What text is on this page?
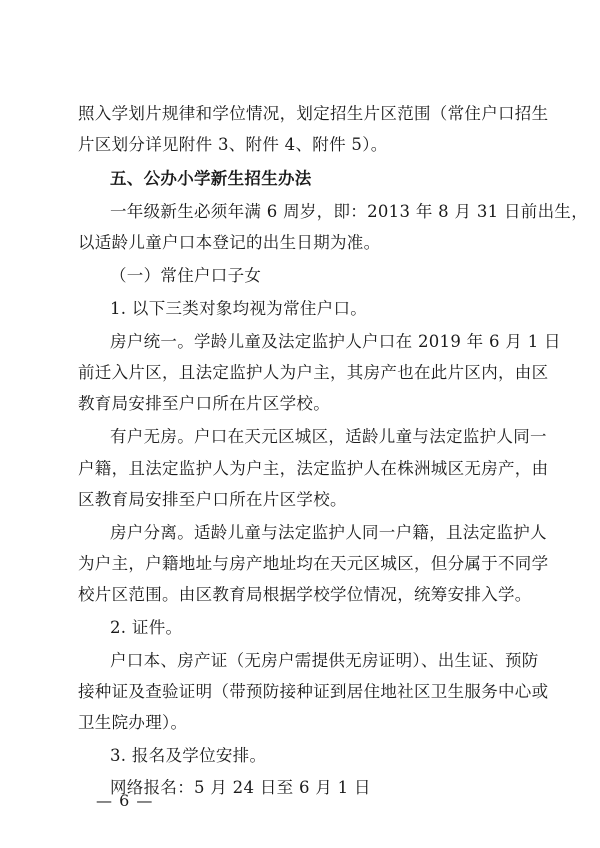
照入学划片规律和学位情况，划定招生片区范围（常住户口招生
片区划分详见附件 3、附件 4、附件 5）。
五、公办小学新生招生办法
一年级新生必须年满 6 周岁，即：2013 年 8 月 31 日前出生，
以适龄儿童户口本登记的出生日期为准。
（一）常住户口子女
1. 以下三类对象均视为常住户口。
房户统一。学龄儿童及法定监护人户口在 2019 年 6 月 1 日
前迁入片区，且法定监护人为户主，其房产也在此片区内，由区
教育局安排至户口所在片区学校。
有户无房。户口在天元区城区，适龄儿童与法定监护人同一
户籍，且法定监护人为户主，法定监护人在株洲城区无房产，由
区教育局安排至户口所在片区学校。
房户分离。适龄儿童与法定监护人同一户籍，且法定监护人
为户主，户籍地址与房产地址均在天元区城区，但分属于不同学
校片区范围。由区教育局根据学校学位情况，统筹安排入学。
2. 证件。
户口本、房产证（无房户需提供无房证明）、出生证、预防
接种证及查验证明（带预防接种证到居住地社区卫生服务中心或
卫生院办理）。
3. 报名及学位安排。
网络报名：5 月 24 日至 6 月 1 日
— 6 —
